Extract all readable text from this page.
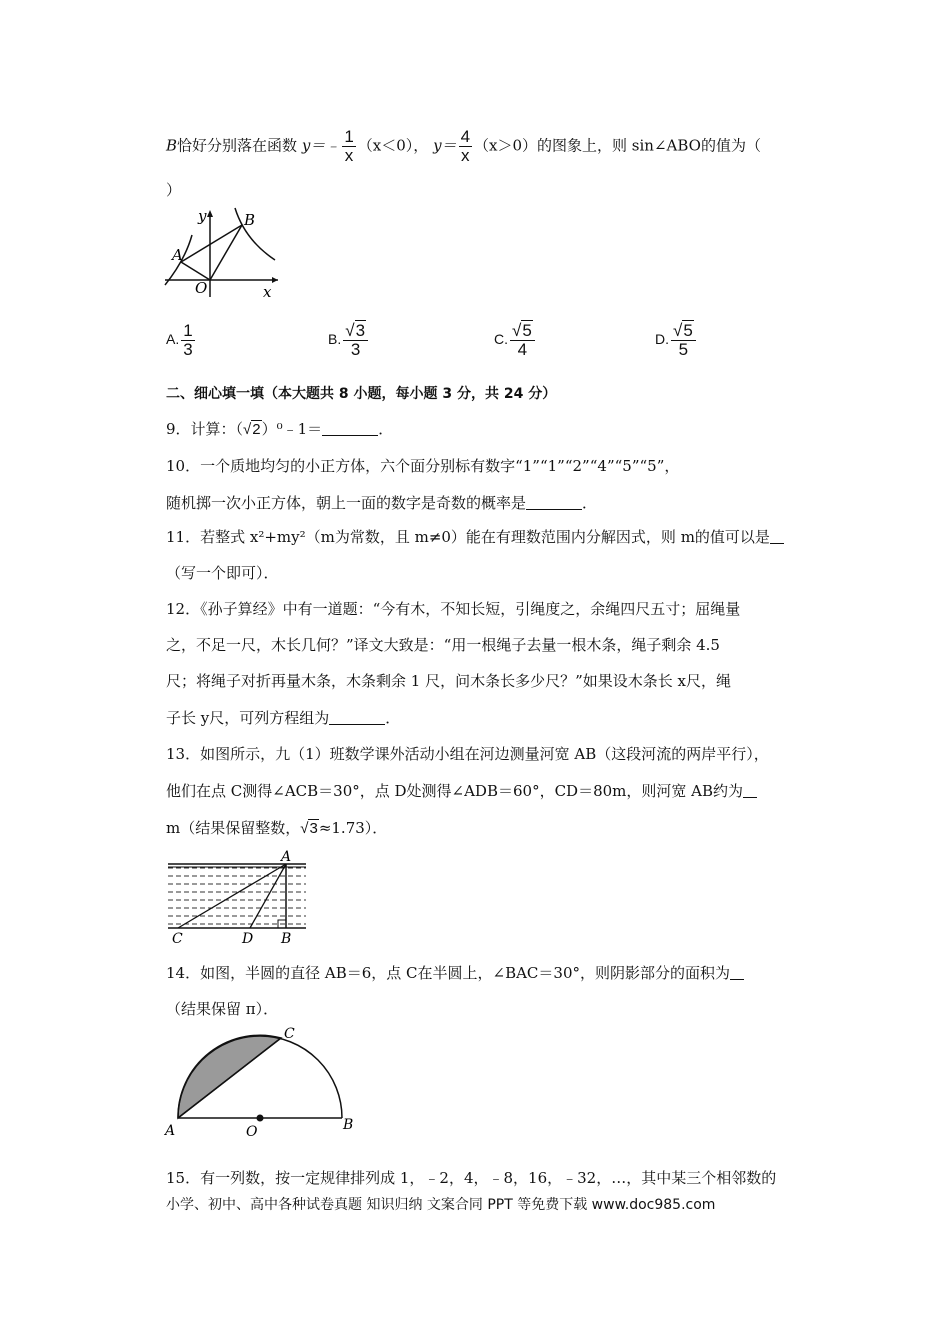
B恰好分别落在函数 y＝﹣ $\frac{1}{x} (x<0)$， $y= \frac{4}{x} (x>0)$的图象上，则 sin∠ABO的值为（
）
y	B
A
O	x
A. $\frac{1}{3}$	B. $\frac{√3}{3}$	C. $\frac{√5}{4}$	D. $\frac{√5}{5}$
二、细心填一填（本大题共 8 小题，每小题 3 分，共 24 分）
9．计算：（√2）⁰﹣1＝	．
10．一个质地均匀的小正方体，六个面分别标有数字“1”“1”“2”“4”“5”“5”，
随机掷一次小正方体，朝上一面的数字是奇数的概率是	．
11．若整式 x²+my²（m为常数，且 m≠0）能在有理数范围内分解因式，则 m的值可以是
（写一个即可）．
12．《孙子算经》中有一道题：“今有木，不知长短，引绳度之，余绳四尺五寸；屈绳量
之，不足一尺，木长几何？”译文大致是：“用一根绳子去量一根木条，绳子剩余 4.5
尺；将绳子对折再量木条，木条剩余 1 尺，问木条长多少尺？”如果设木条长 x尺，绳
子长 y尺，可列方程组为	．
13．如图所示，九（1）班数学课外活动小组在河边测量河宽 AB（这段河流的两岸平行），
他们在点 C测得∠ACB＝30°，点 D处测得∠ADB＝60°，CD＝80m，则河宽 AB约为
m（结果保留整数，√3≈1.73）．
A
C	D B
14．如图，半圆的直径 AB＝6，点 C在半圆上，∠BAC＝30°，则阴影部分的面积为
（结果保留 π）．
C
A	O	B
15．有一列数，按一定规律排列成 1，﹣2，4，﹣8，16，﹣32，…，其中某三个相邻数的
小学、初中、高中各种试卷真题 知识归纳 文案合同 PPT 等免费下载 www.doc985.com
